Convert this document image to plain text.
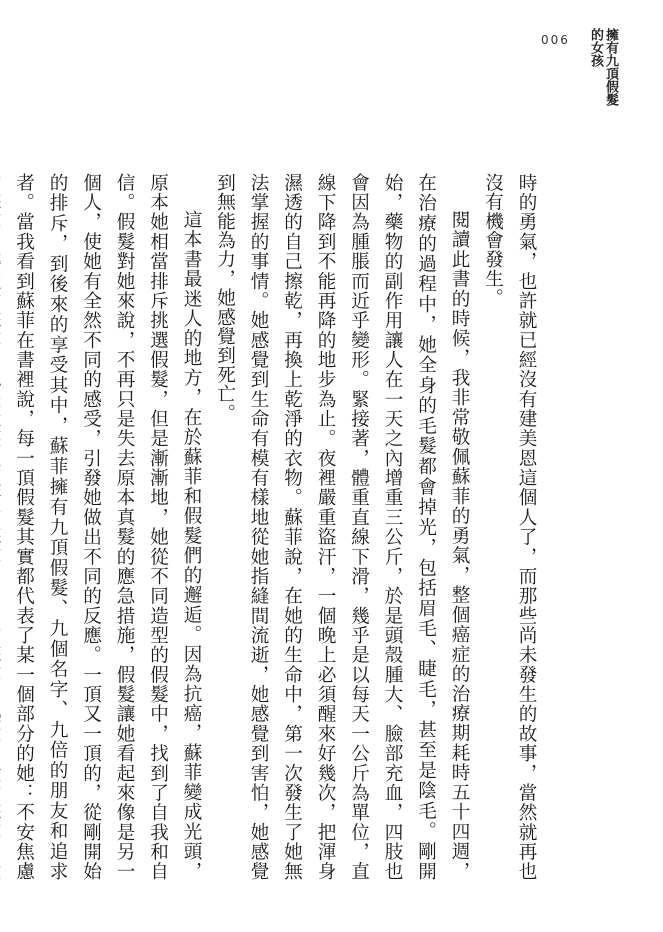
006	擁有九頂假髮的女孩

時的勇氣，也許就已經沒有建美恩這個人了，而那些尚未發生的故事，當然就再也沒有機會發生。

閱讀此書的時候，我非常敬佩蘇菲的勇氣，整個癌症的治療期耗時五十四週，在治療的過程中，她全身的毛髮都會掉光，包括眉毛、睫毛，甚至是陰毛。剛開始，藥物的副作用讓人在一天之內增重三公斤，於是頭殼腫大、臉部充血，四肢也會因為腫脹而近乎變形。緊接著，體重直線下滑，幾乎是以每天一公斤為單位，直線下降到不能再降的地步為止。夜裡嚴重盜汗，一個晚上必須醒來好幾次，把渾身濕透的自己擦乾，再換上乾淨的衣物。蘇菲說，在她的生命中，第一次發生了她無法掌握的事情。她感覺到生命有模有樣地從她指縫間流逝，她感覺到害怕，她感覺到無能為力，她感覺到死亡。

這本書最迷人的地方，在於蘇菲和假髮們的邂逅。因為抗癌，蘇菲變成光頭，原本她相當排斥挑選假髮，但是漸漸地，她從不同造型的假髮中，找到了自我和自信。假髮對她來說，不再只是失去原本真髮的應急措施，假髮讓她看起來像是另一個人，使她有全然不同的感受，引發她做出不同的反應。一頂又一頂的，從剛開始的排斥，到後來的享受其中，蘇菲擁有九頂假髮、九個名字、九倍的朋友和追求者。當我看到蘇菲在書裡說，每一頂假髮其實都代表了某一個部分的她：不安焦慮
